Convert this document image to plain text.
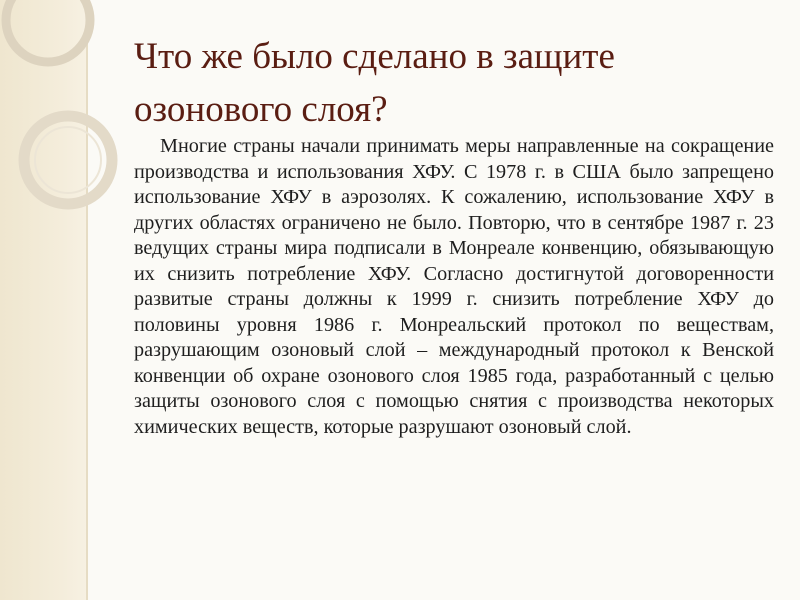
Что же было сделано в защите озонового слоя?

Многие страны начали принимать меры направленные на сокращение производства и использования ХФУ. С 1978 г. в США было запрещено использование ХФУ в аэрозолях. К сожалению, использование ХФУ в других областях ограничено не было. Повторю, что в сентябре 1987 г. 23 ведущих страны мира подписали в Монреале конвенцию, обязывающую их снизить потребление ХФУ. Согласно достигнутой договоренности развитые страны должны к 1999 г. снизить потребление ХФУ до половины уровня 1986 г. Монреальский протокол по веществам, разрушающим озоновый слой – международный протокол к Венской конвенции об охране озонового слоя 1985 года, разработанный с целью защиты озонового слоя с помощью снятия с производства некоторых химических веществ, которые разрушают озоновый слой.
